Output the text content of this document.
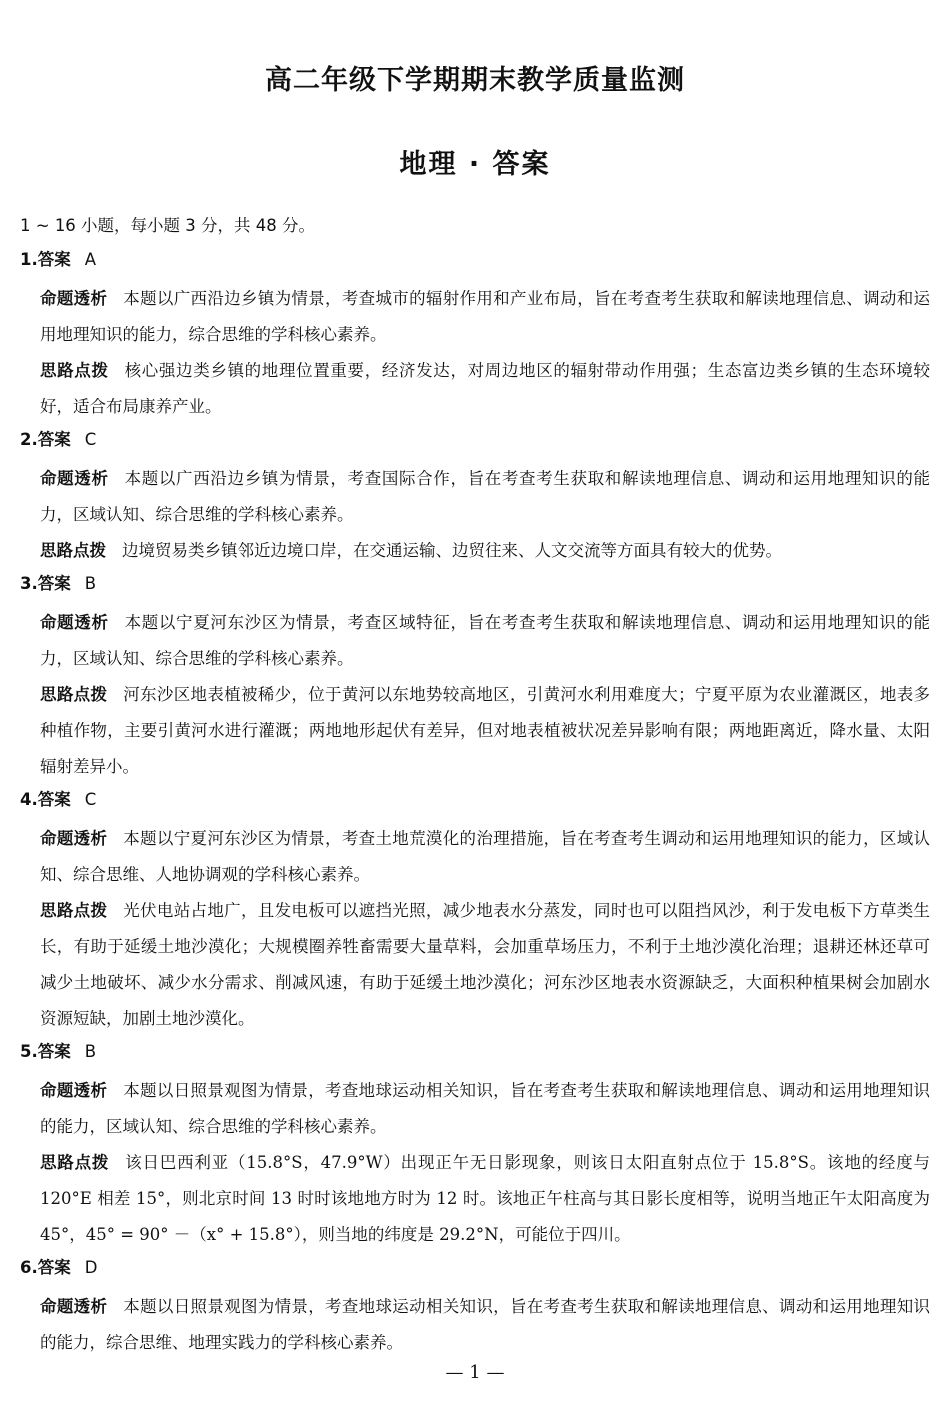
高二年级下学期期末教学质量监测
地理 · 答案
1 ~ 16 小题，每小题 3 分，共 48 分。
1.答案 A
命题透析 本题以广西沿边乡镇为情景，考查城市的辐射作用和产业布局，旨在考查考生获取和解读地理信息、调动和运用地理知识的能力，综合思维的学科核心素养。
思路点拨 核心强边类乡镇的地理位置重要，经济发达，对周边地区的辐射带动作用强；生态富边类乡镇的生态环境较好，适合布局康养产业。
2.答案 C
命题透析 本题以广西沿边乡镇为情景，考查国际合作，旨在考查考生获取和解读地理信息、调动和运用地理知识的能力，区域认知、综合思维的学科核心素养。
思路点拨 边境贸易类乡镇邻近边境口岸，在交通运输、边贸往来、人文交流等方面具有较大的优势。
3.答案 B
命题透析 本题以宁夏河东沙区为情景，考查区域特征，旨在考查考生获取和解读地理信息、调动和运用地理知识的能力，区域认知、综合思维的学科核心素养。
思路点拨 河东沙区地表植被稀少，位于黄河以东地势较高地区，引黄河水利用难度大；宁夏平原为农业灌溉区，地表多种植作物，主要引黄河水进行灌溉；两地地形起伏有差异，但对地表植被状况差异影响有限；两地距离近，降水量、太阳辐射差异小。
4.答案 C
命题透析 本题以宁夏河东沙区为情景，考查土地荒漠化的治理措施，旨在考查考生调动和运用地理知识的能力，区域认知、综合思维、人地协调观的学科核心素养。
思路点拨 光伏电站占地广，且发电板可以遮挡光照，减少地表水分蒸发，同时也可以阻挡风沙，利于发电板下方草类生长，有助于延缓土地沙漠化；大规模圈养牲畜需要大量草料，会加重草场压力，不利于土地沙漠化治理；退耕还林还草可减少土地破坏、减少水分需求、削减风速，有助于延缓土地沙漠化；河东沙区地表水资源缺乏，大面积种植果树会加剧水资源短缺，加剧土地沙漠化。
5.答案 B
命题透析 本题以日照景观图为情景，考查地球运动相关知识，旨在考查考生获取和解读地理信息、调动和运用地理知识的能力，区域认知、综合思维的学科核心素养。
思路点拨 该日巴西利亚（15.8°S，47.9°W）出现正午无日影现象，则该日太阳直射点位于 15.8°S。该地的经度与 120°E 相差 15°，则北京时间 13 时时该地地方时为 12 时。该地正午柱高与其日影长度相等，说明当地正午太阳高度为 45°，45° = 90° －（x° + 15.8°），则当地的纬度是 29.2°N，可能位于四川。
6.答案 D
命题透析 本题以日照景观图为情景，考查地球运动相关知识，旨在考查考生获取和解读地理信息、调动和运用地理知识的能力，综合思维、地理实践力的学科核心素养。
— 1 —
